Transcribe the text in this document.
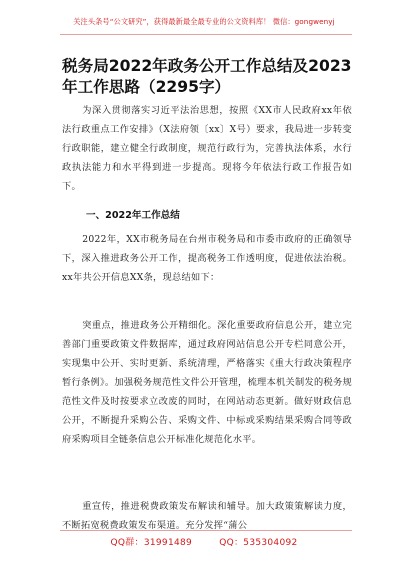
关注头条号“公文研究”，获得最新最全最专业的公文资料库！ 微信：gongwenyj
税务局2022年政务公开工作总结及2023年工作思路（2295字）
为深入贯彻落实习近平法治思想，按照《XX市人民政府xx年依法行政重点工作安排》（X法府领〔xx〕X号）要求，我局进一步转变行政职能，建立健全行政制度，规范行政行为，完善执法体系，水行政执法能力和水平得到进一步提高。现将今年依法行政工作报告如下。
一、2022年工作总结
2022年，XX市税务局在台州市税务局和市委市政府的正确领导下，深入推进政务公开工作，提高税务工作透明度，促进依法治税。xx年共公开信息XX条，现总结如下：
突重点，推进政务公开精细化。深化重要政府信息公开，建立完善部门重要政策文件数据库，通过政府网站信息公开专栏同意公开，实现集中公开、实时更新、系统清理，严格落实《重大行政决策程序暂行条例》。加强税务规范性文件公开管理，梳理本机关制发的税务规范性文件及时按要求立改废的同时，在网站动态更新。做好财政信息公开，不断提升采购公告、采购文件、中标或采购结果采购合同等政府采购项目全链条信息公开标准化规范化水平。
重宣传，推进税费政策发布解读和辅导。加大政策策解读力度，不断拓宽税费政策发布渠道。充分发挥“蒲公
QQ群：31991489	QQ：535304092
